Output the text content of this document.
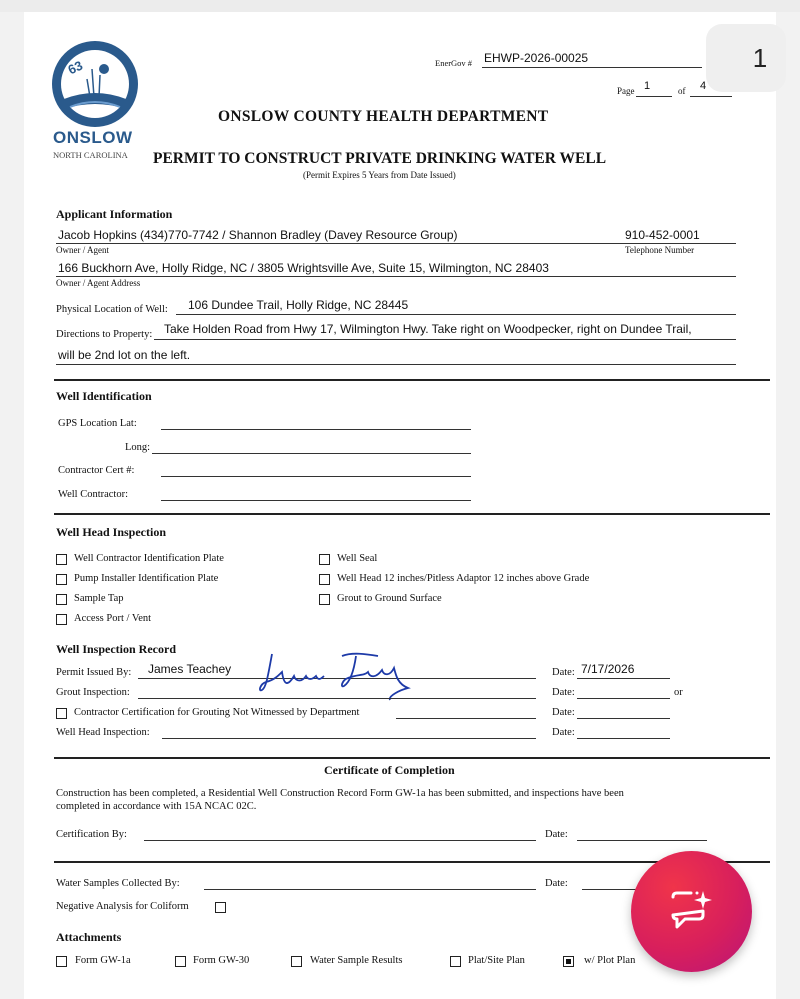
63
ONSLOW
NORTH CAROLINA
EnerGov # EHWP-2026-00025
Page 1	of 4
ONSLOW COUNTY HEALTH DEPARTMENT
PERMIT TO CONSTRUCT PRIVATE DRINKING WATER WELL
(Permit Expires 5 Years from Date Issued)
Applicant Information
Jacob Hopkins (434)770-7742 / Shannon Bradley (Davey Resource Group)	910-452-0001
Owner / Agent	Telephone Number
166 Buckhorn Ave, Holly Ridge, NC / 3805 Wrightsville Ave, Suite 15, Wilmington, NC 28403
Owner / Agent Address
Physical Location of Well: 106 Dundee Trail, Holly Ridge, NC 28445
Directions to Property: Take Holden Road from Hwy 17, Wilmington Hwy. Take right on Woodpecker, right on Dundee Trail,
will be 2nd lot on the left.
Well Identification
GPS Location Lat:
Long:
Contractor Cert #:
Well Contractor:
Well Head Inspection
Well Contractor Identification Plate
Pump Installer Identification Plate
Sample Tap
Access Port / Vent
Well Seal
Well Head 12 inches/Pitless Adaptor 12 inches above Grade
Grout to Ground Surface
Well Inspection Record
Permit Issued By: James Teachey	Date: 7/17/2026
Grout Inspection:	Date:	or
Contractor Certification for Grouting Not Witnessed by Department	Date:
Well Head Inspection:	Date:
Certificate of Completion
Construction has been completed, a Residential Well Construction Record Form GW-1a has been submitted, and inspections have been
completed in accordance with 15A NCAC 02C.
Certification By:	Date:
Water Samples Collected By:	Date:
Negative Analysis for Coliform
Attachments
Form GW-1a	Form GW-30	Water Sample Results	Plat/Site Plan	w/ Plot Plan
1
